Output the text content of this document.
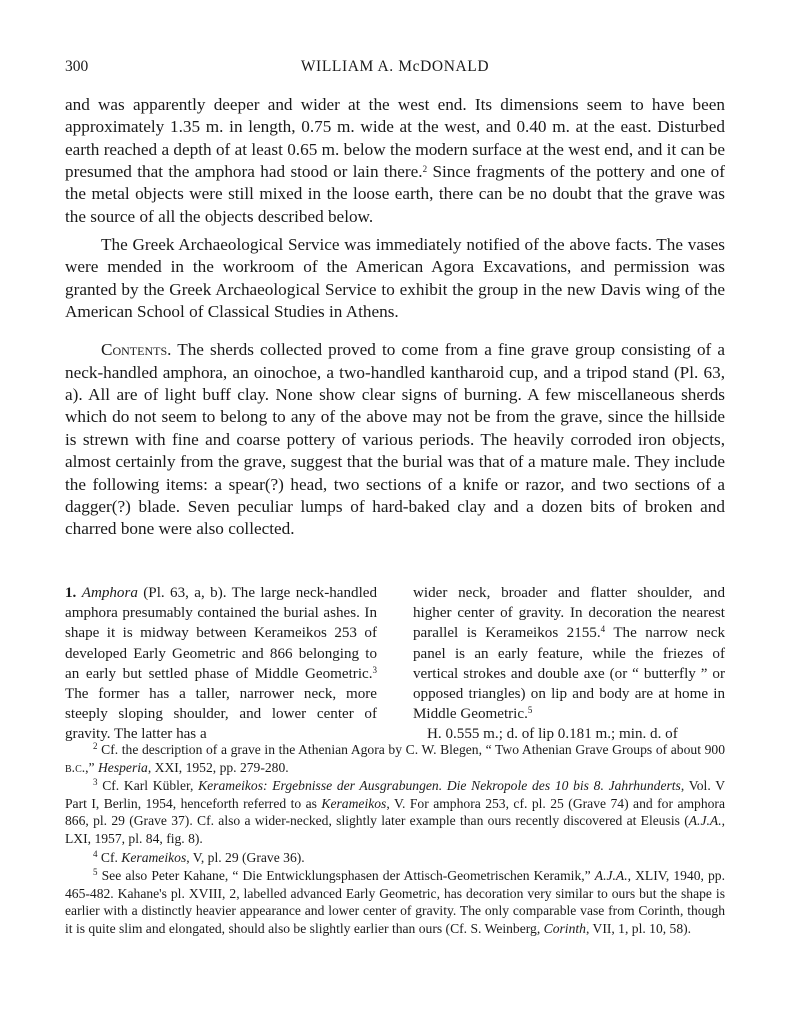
300	WILLIAM A. McDONALD

and was apparently deeper and wider at the west end. Its dimensions seem to have been approximately 1.35 m. in length, 0.75 m. wide at the west, and 0.40 m. at the east. Disturbed earth reached a depth of at least 0.65 m. below the modern surface at the west end, and it can be presumed that the amphora had stood or lain there.$^2$ Since fragments of the pottery and one of the metal objects were still mixed in the loose earth, there can be no doubt that the grave was the source of all the objects described below.

The Greek Archaeological Service was immediately notified of the above facts. The vases were mended in the workroom of the American Agora Excavations, and permission was granted by the Greek Archaeological Service to exhibit the group in the new Davis wing of the American School of Classical Studies in Athens.

Contents. The sherds collected proved to come from a fine grave group consisting of a neck-handled amphora, an oinochoe, a two-handled kantharoid cup, and a tripod stand (Pl. 63, a). All are of light buff clay. None show clear signs of burning. A few miscellaneous sherds which do not seem to belong to any of the above may not be from the grave, since the hillside is strewn with fine and coarse pottery of various periods. The heavily corroded iron objects, almost certainly from the grave, suggest that the burial was that of a mature male. They include the following items: a spear(?) head, two sections of a knife or razor, and two sections of a dagger(?) blade. Seven peculiar lumps of hard-baked clay and a dozen bits of broken and charred bone were also collected.

1. Amphora (Pl. 63, a, b). The large neck-handled amphora presumably contained the burial ashes. In shape it is midway between Kerameikos 253 of developed Early Geometric and 866 belonging to an early but settled phase of Middle Geometric.$^3$ The former has a taller, narrower neck, more steeply sloping shoulder, and lower center of gravity. The latter has a

wider neck, broader and flatter shoulder, and higher center of gravity. In decoration the nearest parallel is Kerameikos 2155.$^4$ The narrow neck panel is an early feature, while the friezes of vertical strokes and double axe (or “ butterfly ” or opposed triangles) on lip and body are at home in Middle Geometric.$^5$

H. 0.555 m.; d. of lip 0.181 m.; min. d. of

$^2$ Cf. the description of a grave in the Athenian Agora by C. W. Blegen, “ Two Athenian Grave Groups of about 900 b.c.,” Hesperia, XXI, 1952, pp. 279-280.

$^3$ Cf. Karl Kübler, Kerameikos: Ergebnisse der Ausgrabungen. Die Nekropole des 10 bis 8. Jahrhunderts, Vol. V Part I, Berlin, 1954, henceforth referred to as Kerameikos, V. For amphora 253, cf. pl. 25 (Grave 74) and for amphora 866, pl. 29 (Grave 37). Cf. also a wider-necked, slightly later example than ours recently discovered at Eleusis (A.J.A., LXI, 1957, pl. 84, fig. 8).

$^4$ Cf. Kerameikos, V, pl. 29 (Grave 36).

$^5$ See also Peter Kahane, “ Die Entwicklungsphasen der Attisch-Geometrischen Keramik,” A.J.A., XLIV, 1940, pp. 465-482. Kahane's pl. XVIII, 2, labelled advanced Early Geometric, has decoration very similar to ours but the shape is earlier with a distinctly heavier appearance and lower center of gravity. The only comparable vase from Corinth, though it is quite slim and elongated, should also be slightly earlier than ours (Cf. S. Weinberg, Corinth, VII, 1, pl. 10, 58).
